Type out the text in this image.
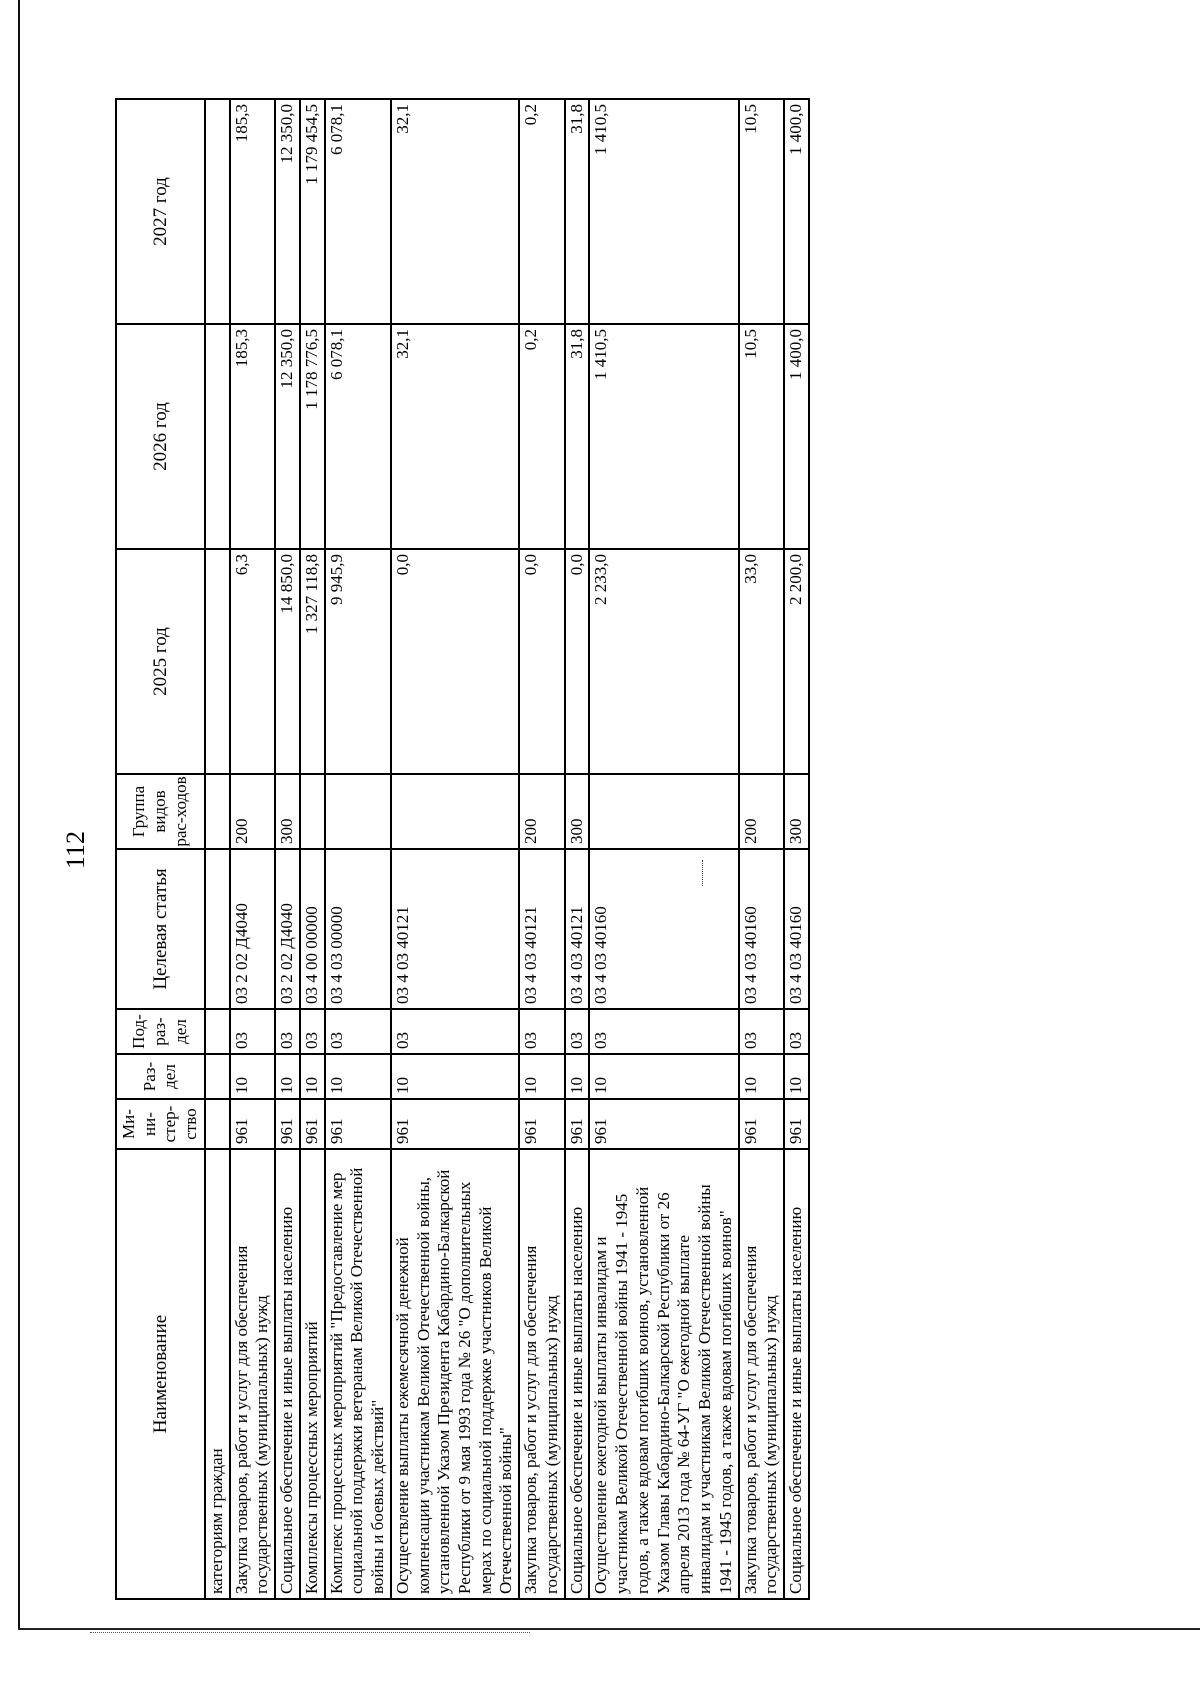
112
Наименование	Ми-ни-стер-ство	Раз-дел	Под-раз-дел	Целевая статья	Группа видов рас-ходов	2025 год	2026 год	2027 год
категориям граждан								
Закупка товаров, работ и услуг для обеспечения государственных (муниципальных) нужд	961	10	03	03 2 02 Д4040	200	6,3	185,3	185,3
Социальное обеспечение и иные выплаты населению	961	10	03	03 2 02 Д4040	300	14 850,0	12 350,0	12 350,0
Комплексы процессных мероприятий	961	10	03	03 4 00 00000		1 327 118,8	1 178 776,5	1 179 454,5
Комплекс процессных мероприятий "Предоставление мер социальной поддержки ветеранам Великой Отечественной войны и боевых действий"	961	10	03	03 4 03 00000		9 945,9	6 078,1	6 078,1
Осуществление выплаты ежемесячной денежной компенсации участникам Великой Отечественной войны, установленной Указом Президента Кабардино-Балкарской Республики от 9 мая 1993 года № 26 "О дополнительных мерах по социальной поддержке участников Великой Отечественной войны"	961	10	03	03 4 03 40121		0,0	32,1	32,1
Закупка товаров, работ и услуг для обеспечения государственных (муниципальных) нужд	961	10	03	03 4 03 40121	200	0,0	0,2	0,2
Социальное обеспечение и иные выплаты населению	961	10	03	03 4 03 40121	300	0,0	31,8	31,8
Осуществление ежегодной выплаты инвалидам и участникам Великой Отечественной войны 1941 - 1945 годов, а также вдовам погибших воинов, установленной Указом Главы Кабардино-Балкарской Республики от 26 апреля 2013 года № 64-УГ "О ежегодной выплате инвалидам и участникам Великой Отечественной войны 1941 - 1945 годов, а также вдовам погибших воинов"	961	10	03	03 4 03 40160		2 233,0	1 410,5	1 410,5
Закупка товаров, работ и услуг для обеспечения государственных (муниципальных) нужд	961	10	03	03 4 03 40160	200	33,0	10,5	10,5
Социальное обеспечение и иные выплаты населению	961	10	03	03 4 03 40160	300	2 200,0	1 400,0	1 400,0
